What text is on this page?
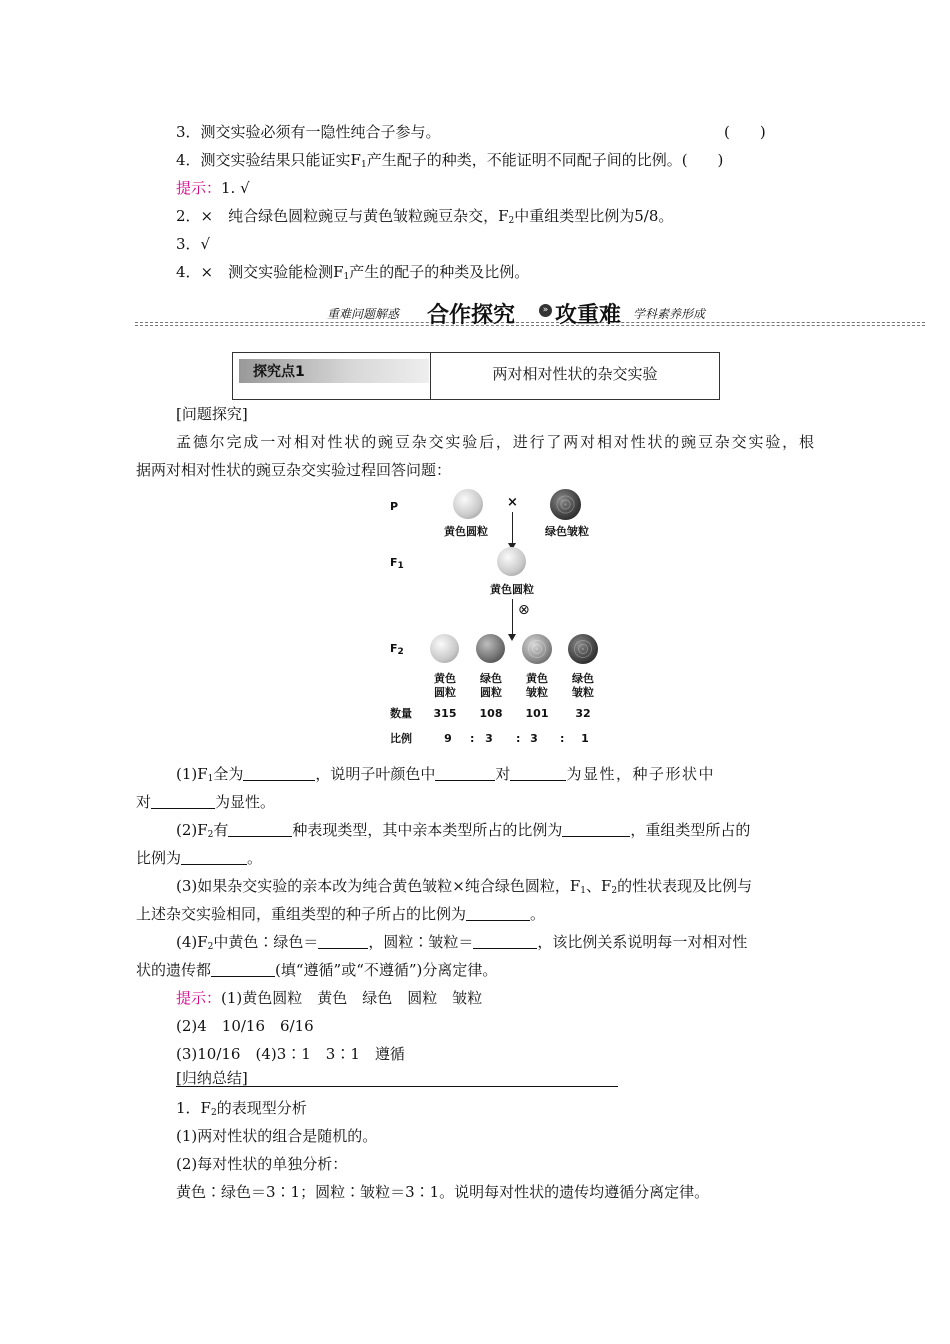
3．测交实验必须有一隐性纯合子参与。	(　　)
4．测交实验结果只能证实$F_1$产生配子的种类，不能证明不同配子间的比例。(　　)
提示：1. √
2．×　纯合绿色圆粒豌豆与黄色皱粒豌豆杂交，$F_2$中重组类型比例为5/8。
3．√
4．×　测交实验能检测$F_1$产生的配子的种类及比例。
重难问题解惑 合作探究	» 攻重难 学科素养形成
探究点1	两对相对性状的杂交实验
[问题探究]
孟德尔完成一对相对性状的豌豆杂交实验后，进行了两对相对性状的豌豆杂交实验，根
据两对相对性状的豌豆杂交实验过程回答问题：
P	×
黄色圆粒	绿色皱粒
$F_1$
黄色圆粒
⊗
$F_2$
黄色	绿色	黄色	绿色
圆粒	圆粒	皱粒	皱粒
数量	315	108	101	32
比例	9	: 3	: 3	:	1
$(1)F_1$全为	，说明子叶颜色中	对	为显性，种子形状中
对	为显性。
$(2)F_2$有	种表现类型，其中亲本类型所占的比例为	，重组类型所占的
比例为	。
(3)如果杂交实验的亲本改为纯合黄色皱粒×纯合绿色圆粒，$F_1$、$F_2$的性状表现及比例与
上述杂交实验相同，重组类型的种子所占的比例为	。
$(4)F_2$中黄色∶绿色＝	，圆粒∶皱粒＝	，该比例关系说明每一对相对性
状的遗传都	(填“遵循”或“不遵循”)分离定律。
提示：(1)黄色圆粒　黄色　绿色　圆粒　皱粒
(2)4　10/16　6/16
(3)10/16　(4)3∶1　3∶1　遵循
[归纳总结]
1．$F_2$的表现型分析
(1)两对性状的组合是随机的。
(2)每对性状的单独分析：
黄色∶绿色＝3∶1；圆粒∶皱粒＝3∶1。说明每对性状的遗传均遵循分离定律。
